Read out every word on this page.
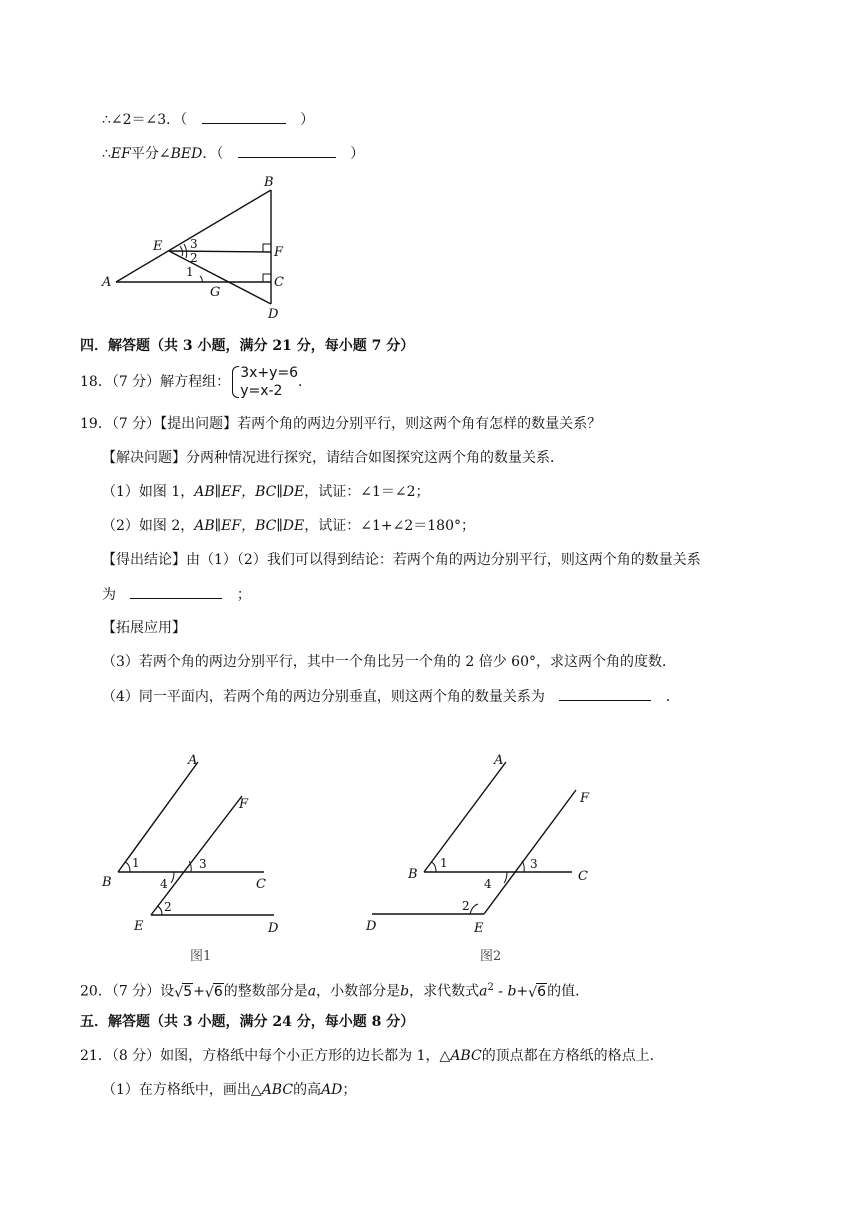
∴∠2＝∠3．（	）
∴EF平分∠BED．（	）
B
E	F
A	C
G
D
3
2
1
四．解答题（共 3 小题，满分 21 分，每小题 7 分）
18．（7 分）解方程组：
3x+y=6
y=x-2
．
19．（7 分）【提出问题】若两个角的两边分别平行，则这两个角有怎样的数量关系？
【解决问题】分两种情况进行探究，请结合如图探究这两个角的数量关系．
（1）如图 1，AB∥EF，BC∥DE，试证：∠1＝∠2；
（2）如图 2，AB∥EF，BC∥DE，试证：∠1+∠2＝180°；
【得出结论】由（1）（2）我们可以得到结论：若两个角的两边分别平行，则这两个角的数量关系
为	；
【拓展应用】
（3）若两个角的两边分别平行，其中一个角比另一个角的 2 倍少 60°，求这两个角的度数．
（4）同一平面内，若两个角的两边分别垂直，则这两个角的数量关系为	．
A
F
B	C
E	D
1
2
3
4
图1
A
F
B	C
D	E
1
2
3
4
图2
20．（7 分）设 √ 5+ √ 6的整数部分是a，小数部分是b，求代数式$a^2 - b+$ √ 6的值．
五．解答题（共 3 小题，满分 24 分，每小题 8 分）
21．（8 分）如图，方格纸中每个小正方形的边长都为 1，△ABC的顶点都在方格纸的格点上．
（1）在方格纸中，画出△ABC的高AD；
